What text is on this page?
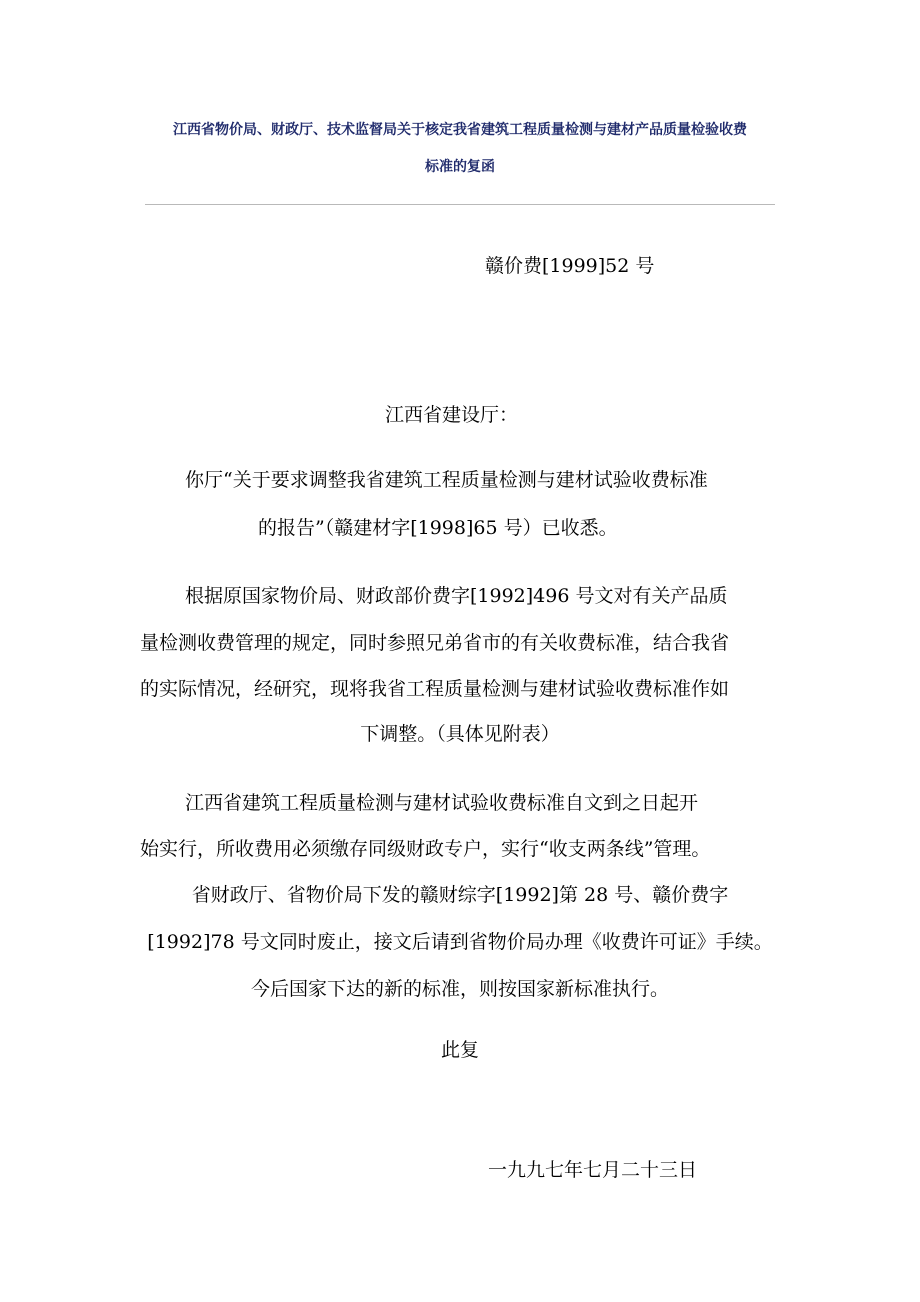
江西省物价局、财政厅、技术监督局关于核定我省建筑工程质量检测与建材产品质量检验收费
标准的复函
赣价费[1999]52 号
江西省建设厅：
你厅“关于要求调整我省建筑工程质量检测与建材试验收费标准
的报告”（赣建材字[1998]65 号）已收悉。
根据原国家物价局、财政部价费字[1992]496 号文对有关产品质
量检测收费管理的规定，同时参照兄弟省市的有关收费标准，结合我省
的实际情况，经研究，现将我省工程质量检测与建材试验收费标准作如
下调整。（具体见附表）
江西省建筑工程质量检测与建材试验收费标准自文到之日起开
始实行，所收费用必须缴存同级财政专户，实行“收支两条线”管理。
省财政厅、省物价局下发的赣财综字[1992]第 28 号、赣价费字
[1992]78 号文同时废止，接文后请到省物价局办理《收费许可证》手续。
今后国家下达的新的标准，则按国家新标准执行。
此复
一九九七年七月二十三日
